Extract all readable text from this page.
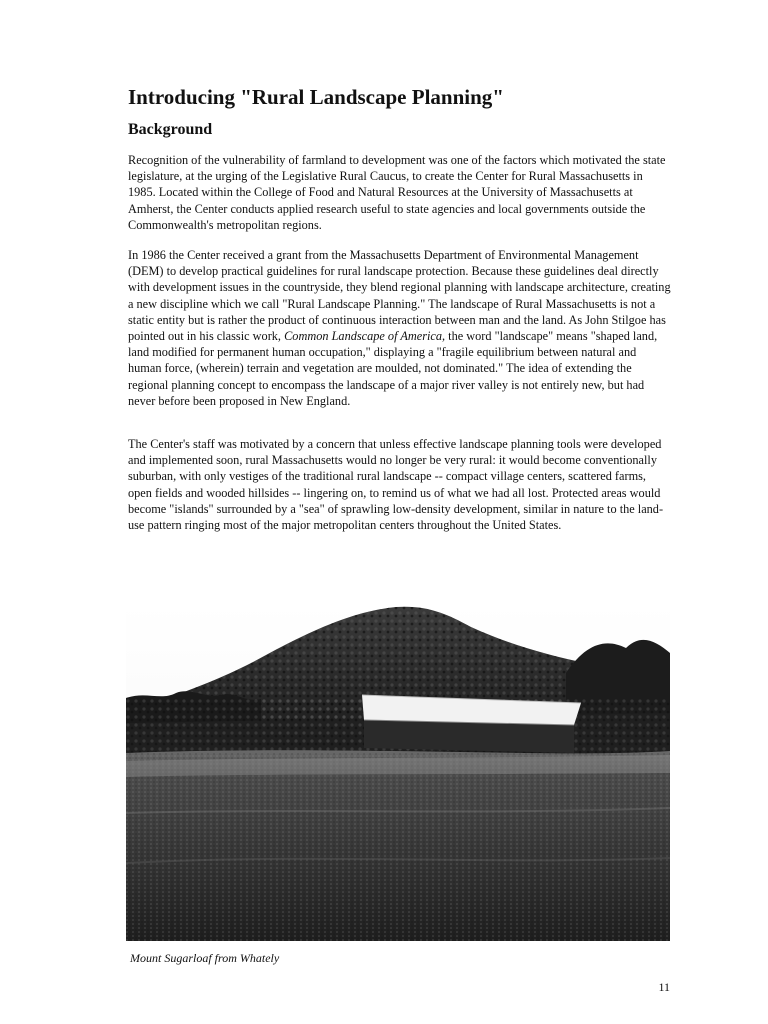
Introducing "Rural Landscape Planning"
Background

Recognition of the vulnerability of farmland to development was one of the factors which motivated the state legislature, at the urging of the Legislative Rural Caucus, to create the Center for Rural Massachusetts in 1985. Located within the College of Food and Natural Resources at the University of Massachusetts at Amherst, the Center conducts applied research useful to state agencies and local governments outside the Commonwealth's metropolitan regions.

In 1986 the Center received a grant from the Massachusetts Department of Environmental Management (DEM) to develop practical guidelines for rural landscape protection. Because these guidelines deal directly with development issues in the countryside, they blend regional planning with landscape architecture, creating a new discipline which we call "Rural Landscape Planning." The landscape of Rural Massachusetts is not a static entity but is rather the product of continuous interaction between man and the land. As John Stilgoe has pointed out in his classic work, Common Landscape of America, the word "landscape" means "shaped land, land modified for permanent human occupation," displaying a "fragile equilibrium between natural and human force, (wherein) terrain and vegetation are moulded, not dominated." The idea of extending the regional planning concept to encompass the landscape of a major river valley is not entirely new, but had never before been proposed in New England.

The Center's staff was motivated by a concern that unless effective landscape planning tools were developed and implemented soon, rural Massachusetts would no longer be very rural: it would become conventionally suburban, with only vestiges of the traditional rural landscape -- compact village centers, scattered farms, open fields and wooded hillsides -- lingering on, to remind us of what we had all lost. Protected areas would become "islands" surrounded by a "sea" of sprawling low-density development, similar in nature to the land-use pattern ringing most of the major metropolitan centers throughout the United States.

Mount Sugarloaf from Whately

11
